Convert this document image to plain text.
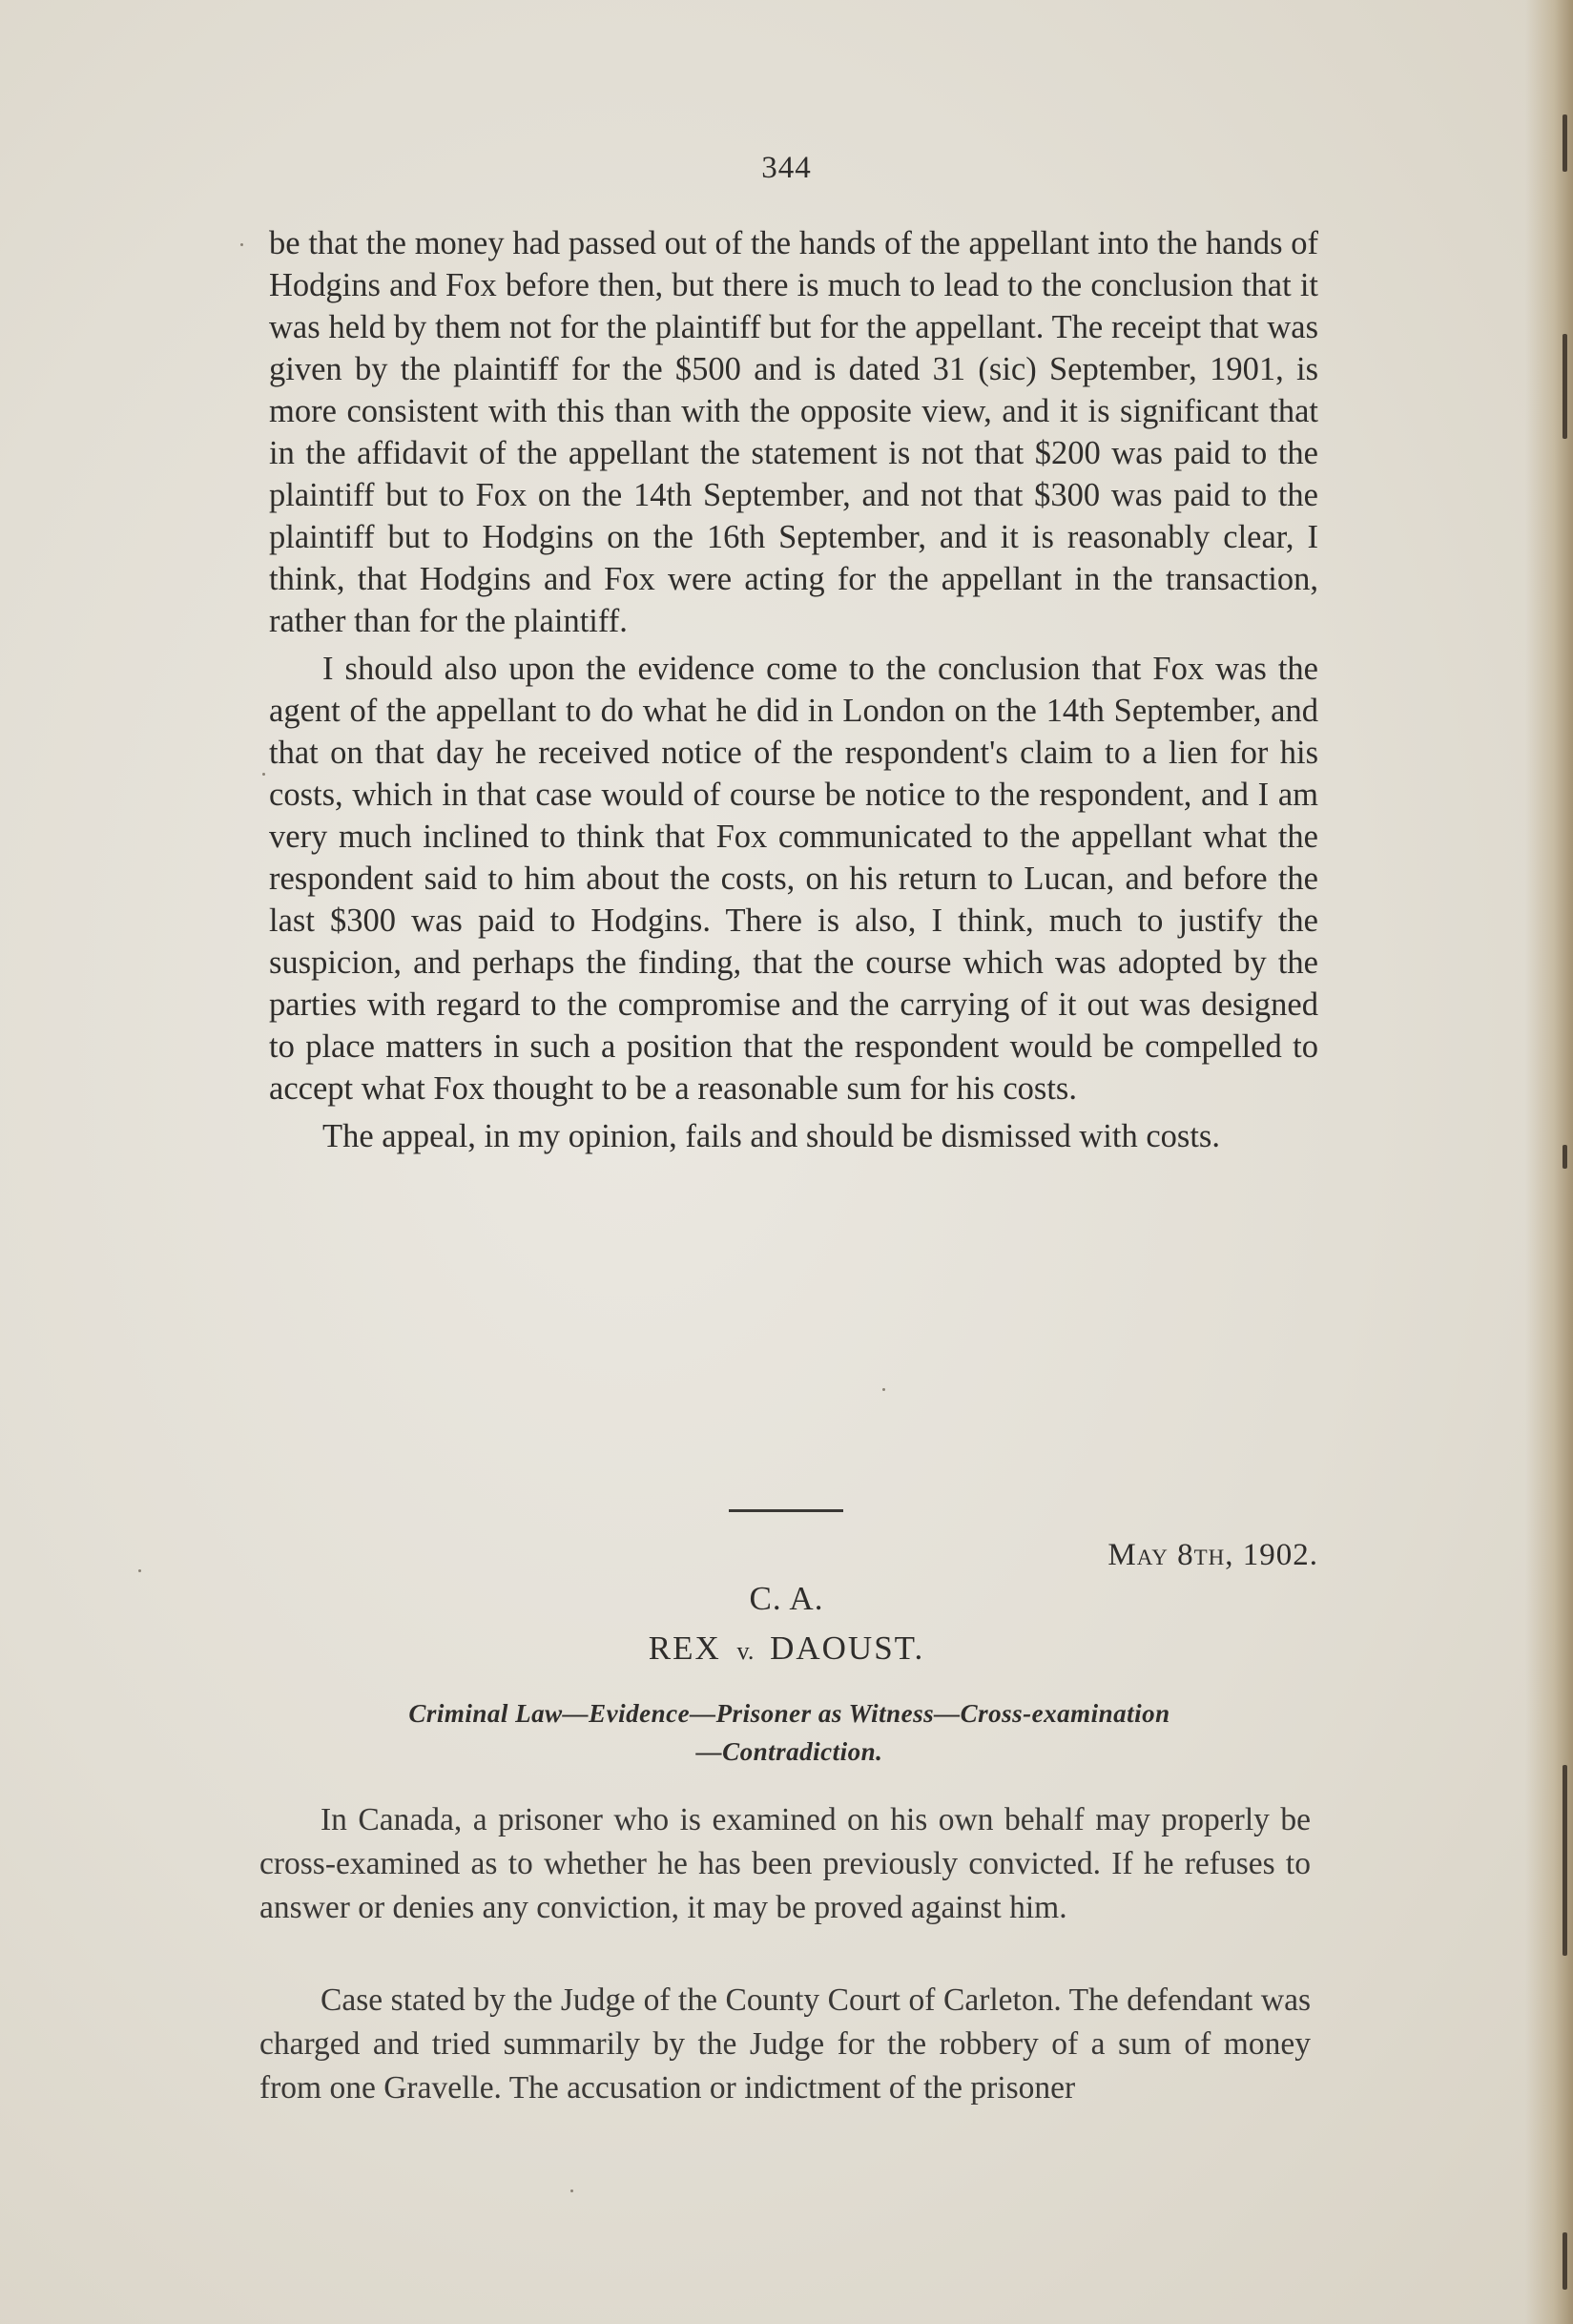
344

be that the money had passed out of the hands of the appellant into the hands of Hodgins and Fox before then, but there is much to lead to the conclusion that it was held by them not for the plaintiff but for the appellant. The receipt that was given by the plaintiff for the $500 and is dated 31 (sic) September, 1901, is more consistent with this than with the opposite view, and it is significant that in the affidavit of the appellant the statement is not that $200 was paid to the plaintiff but to Fox on the 14th September, and not that $300 was paid to the plaintiff but to Hodgins on the 16th September, and it is reasonably clear, I think, that Hodgins and Fox were acting for the appellant in the transaction, rather than for the plaintiff.

I should also upon the evidence come to the conclusion that Fox was the agent of the appellant to do what he did in London on the 14th September, and that on that day he received notice of the respondent's claim to a lien for his costs, which in that case would of course be notice to the respondent, and I am very much inclined to think that Fox communicated to the appellant what the respondent said to him about the costs, on his return to Lucan, and before the last $300 was paid to Hodgins. There is also, I think, much to justify the suspicion, and perhaps the finding, that the course which was adopted by the parties with regard to the compromise and the carrying of it out was designed to place matters in such a position that the respondent would be compelled to accept what Fox thought to be a reasonable sum for his costs.

The appeal, in my opinion, fails and should be dismissed with costs.

May 8th, 1902.
C. A.
REX v. DAOUST.
Criminal Law—Evidence—Prisoner as Witness—Cross-examination
—Contradiction.

In Canada, a prisoner who is examined on his own behalf may properly be cross-examined as to whether he has been previously convicted. If he refuses to answer or denies any conviction, it may be proved against him.

Case stated by the Judge of the County Court of Carleton. The defendant was charged and tried summarily by the Judge for the robbery of a sum of money from one Gravelle. The accusation or indictment of the prisoner
